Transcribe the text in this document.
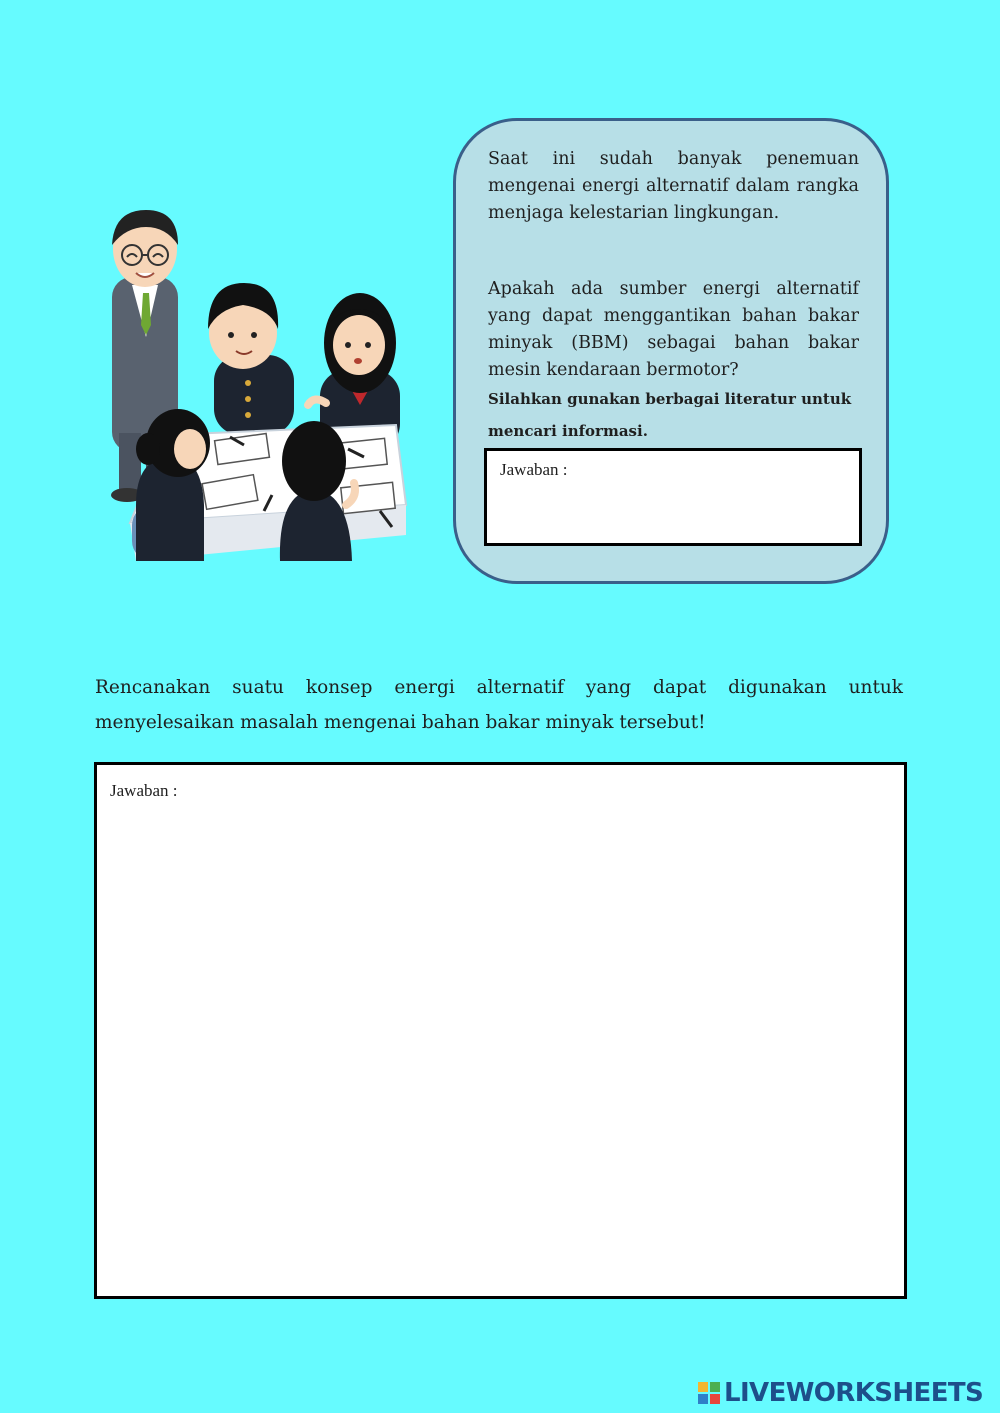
Saat ini sudah banyak penemuan mengenai energi alternatif dalam rangka menjaga kelestarian lingkungan.

Apakah ada sumber energi alternatif yang dapat menggantikan bahan bakar minyak (BBM) sebagai bahan bakar mesin kendaraan bermotor?

Silahkan gunakan berbagai literatur untuk mencari informasi.

Jawaban :

Rencanakan suatu konsep energi alternatif yang dapat digunakan untuk menyelesaikan masalah mengenai bahan bakar minyak tersebut!

Jawaban :
LIVEWORKSHEETS
